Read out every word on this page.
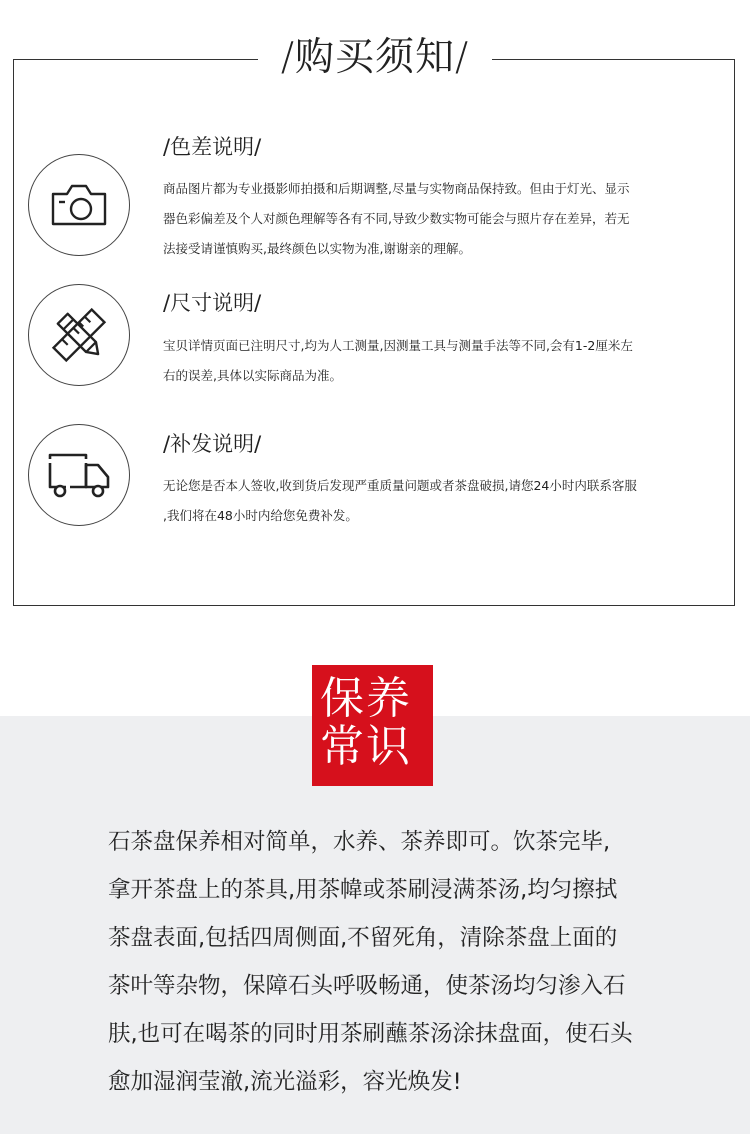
/购买须知/
/色差说明/
商品图片都为专业摄影师拍摄和后期调整,尽量与实物商品保持致。但由于灯光、显示
器色彩偏差及个人对颜色理解等各有不同,导致少数实物可能会与照片存在差异，若无
法接受请谨慎购买,最终颜色以实物为准,谢谢亲的理解。
/尺寸说明/
宝贝详情页面已注明尺寸,均为人工测量,因测量工具与测量手法等不同,会有1-2厘米左
右的误差,具体以实际商品为准。
/补发说明/
无论您是否本人签收,收到货后发现严重质量问题或者茶盘破损,请您24小时内联系客服
,我们将在48小时内给您免费补发。
保养
常识

石茶盘保养相对简单，水养、茶养即可。饮茶完毕,

拿开茶盘上的茶具,用茶幃或茶刷浸满茶汤,均匀擦拭

茶盘表面,包括四周侧面,不留死角，清除茶盘上面的

茶叶等杂物，保障石头呼吸畅通，使茶汤均匀渗入石

肤,也可在喝茶的同时用茶刷蘸茶汤涂抹盘面，使石头

愈加湿润莹澈,流光溢彩，容光焕发!
